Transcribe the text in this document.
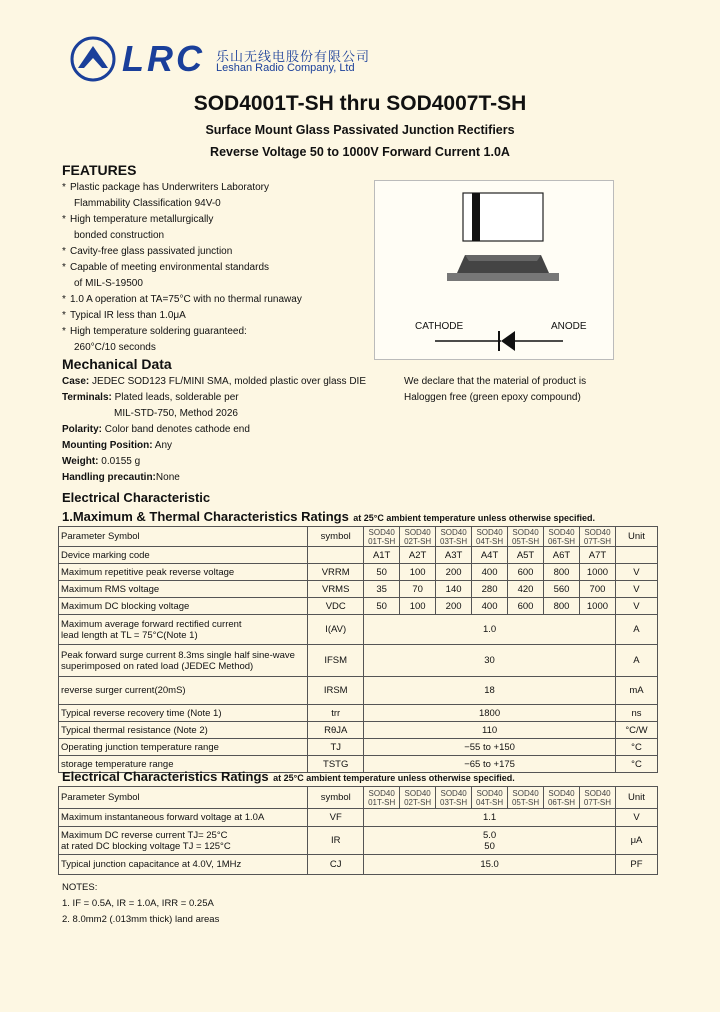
LRC 乐山无线电股份有限公司
Leshan Radio Company, Ltd
SOD4001T-SH thru SOD4007T-SH
Surface Mount Glass Passivated Junction Rectifiers
Reverse Voltage 50 to 1000V Forward Current 1.0A
FEATURES
* Plastic package has Underwriters Laboratory
Flammability Classification 94V-0
* High temperature metallurgically
bonded construction
* Cavity-free glass passivated junction
* Capable of meeting environmental standards
of MIL-S-19500
* 1.0 A operation at TA=75°C with no thermal runaway
* Typical IR less than 1.0μA
* High temperature soldering guaranteed:
260°C/10 seconds
CATHODE	ANODE
Mechanical Data
Case: JEDEC SOD123 FL/MINI SMA, molded plastic over glass DIE
Terminals: Plated leads, solderable per
MIL-STD-750, Method 2026
Polarity: Color band denotes cathode end
Mounting Position: Any
Weight: 0.0155 g
Handling precautin:None
We declare that the material of product is
Haloggen free (green epoxy compound)
Electrical Characteristic
1.Maximum & Thermal Characteristics Ratings at 25°C ambient temperature unless otherwise specified.
Parameter Symbol	symbol	SOD40
01T-SH	SOD40
02T-SH	SOD40
03T-SH	SOD40
04T-SH	SOD40
05T-SH	SOD40
06T-SH	SOD40
07T-SH	Unit
Device marking code		A1T	A2T	A3T	A4T	A5T	A6T	A7T	
Maximum repetitive peak reverse voltage	VRRM	50	100	200	400	600	800	1000	V
Maximum RMS voltage	VRMS	35	70	140	280	420	560	700	V
Maximum DC blocking voltage	VDC	50	100	200	400	600	800	1000	V
Maximum average forward rectified current
lead length at TL = 75°C(Note 1)	I(AV)	1.0							A
Peak forward surge current 8.3ms single half sine-wave
superimposed on rated load (JEDEC Method)	IFSM	30							A
reverse surger current(20mS)	IRSM	18							mA
Typical reverse recovery time (Note 1)	trr	1800							ns
Typical thermal resistance (Note 2)	RθJA	110							°C/W
Operating junction temperature range	TJ	−55 to +150							°C
storage temperature range	TSTG	−65 to +175							°C
Electrical Characteristics Ratings at 25°C ambient temperature unless otherwise specified.
Parameter Symbol	symbol	SOD40
01T-SH	SOD40
02T-SH	SOD40
03T-SH	SOD40
04T-SH	SOD40
05T-SH	SOD40
06T-SH	SOD40
07T-SH	Unit
Maximum instantaneous forward voltage at 1.0A	VF	1.1							V
Maximum DC reverse current TJ= 25°C
at rated DC blocking voltage TJ = 125°C	IR	5.0
50							μA
Typical junction capacitance at 4.0V, 1MHz	CJ	15.0							PF
NOTES:
1. IF = 0.5A, IR = 1.0A, IRR = 0.25A
2. 8.0mm2 (.013mm thick) land areas
